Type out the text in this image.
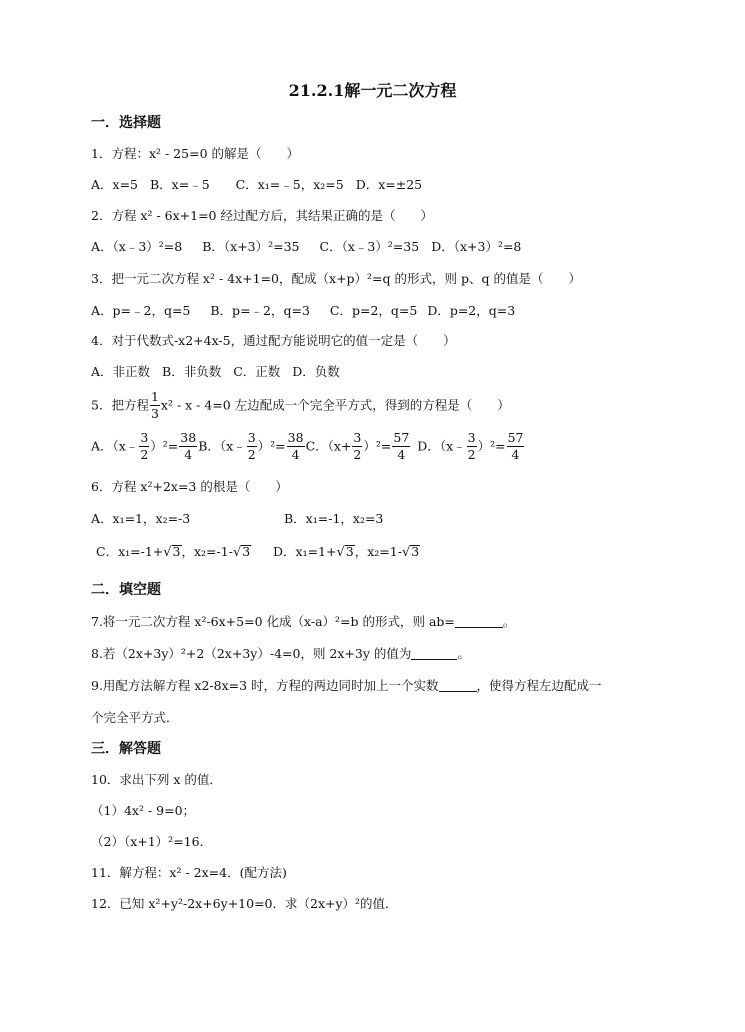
21.2.1解一元二次方程
一．选择题
1．方程：x² ‑ 25=0 的解是（　　）
A．x=5 B．x=﹣5 C．x₁=﹣5，x₂=5 D．x=±25
2．方程 x² ‑ 6x+1=0 经过配方后，其结果正确的是（　　）
A．（x﹣3）²=8 B．（x+3）²=35 C．（x﹣3）²=35 D．（x+3）²=8
3．把一元二次方程 x² ‑ 4x+1=0，配成（x+p）²=q 的形式，则 p、q 的值是（　　）
A．p=﹣2，q=5 B．p=﹣2，q=3 C．p=2，q=5 D．p=2，q=3
4．对于代数式-x2+4x-5，通过配方能说明它的值一定是（　　）
A．非正数 B．非负数 C．正数 D．负数
5．把方程 $\frac{1}{3} x^2$ ‑ x ‑ 4=0 左边配成一个完全平方式，得到的方程是（　　）
A．（x﹣ $\frac{3}{2} )^2= \frac{38}{4}$ B．（x﹣ $\frac{3}{2} )^2= \frac{38}{4}$ C．$(x+ \frac{3}{2} )^2= \frac{57}{4}$ D．（x﹣ $\frac{3}{2} )^2= \frac{57}{4}$
6．方程 x²+2x=3 的根是（　　）
A．x₁=1，x₂=-3	B．x₁=-1，x₂=3
C．x₁=-1+√3，x₂=-1-√3 D．x₁=1+√3，x₂=1-√3
二．填空题
7.将一元二次方程 x²-6x+5=0 化成（x-a）²=b 的形式，则 ab=	。
8.若（2x+3y）²+2（2x+3y）-4=0，则 2x+3y 的值为	。
9.用配方法解方程 x2-8x=3 时，方程的两边同时加上一个实数	，使得方程左边配成一
个完全平方式．
三．解答题
10．求出下列 x 的值．
（1）4x² ‑ 9=0；
（2）（x+1）²=16．
11．解方程：x² ‑ 2x=4．(配方法)
12．已知 x²+y²-2x+6y+10=0．求（2x+y）²的值．
